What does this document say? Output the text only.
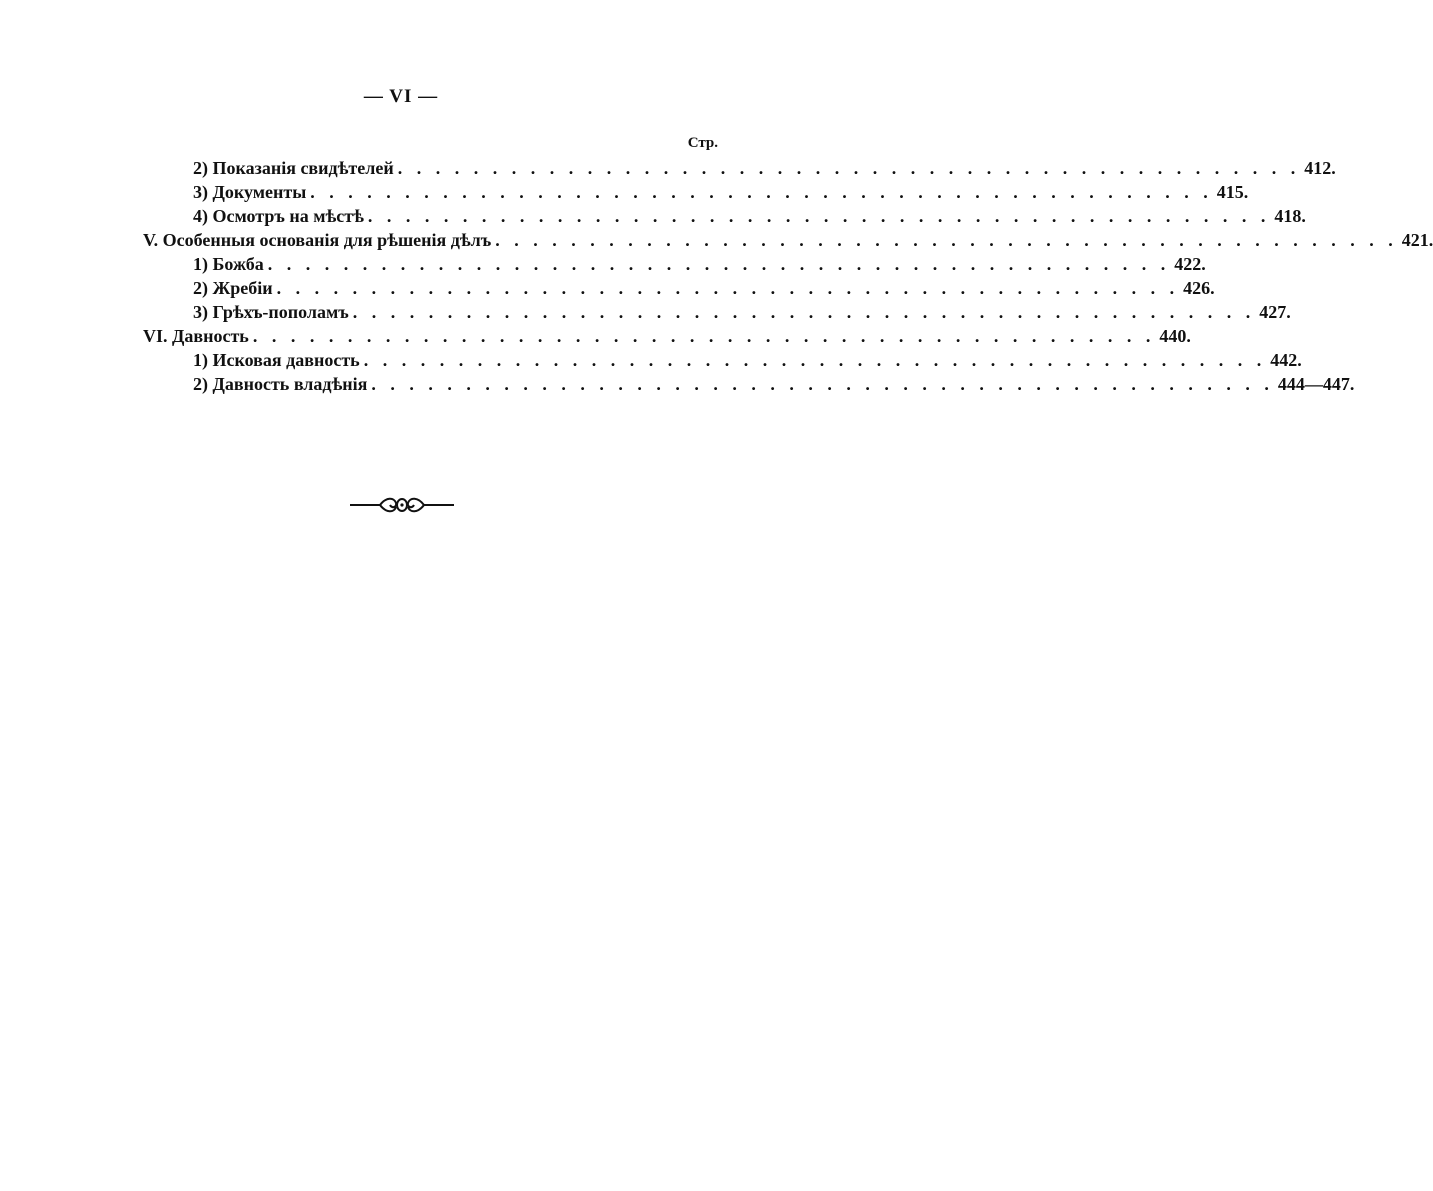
— VI —
Стр.
2) Показанія свидѣтелей . . . . . . . . . . . . . . . . . . . . . . . . . . . . . . . . . . . . . . . . . . . . . . . . 412.
3) Документы . . . . . . . . . . . . . . . . . . . . . . . . . . . . . . . . . . . . . . . . . . . . . . . . 415.
4) Осмотръ на мѣстѣ . . . . . . . . . . . . . . . . . . . . . . . . . . . . . . . . . . . . . . . . . . . . . . . . 418.
V. Особенныя основанія для рѣшенія дѣлъ . . . . . . . . . . . . . . . . . . . . . . . . . . . . . . . . . . . . . . . . . . . . . . . . 421.
1) Божба . . . . . . . . . . . . . . . . . . . . . . . . . . . . . . . . . . . . . . . . . . . . . . . . 422.
2) Жребіи . . . . . . . . . . . . . . . . . . . . . . . . . . . . . . . . . . . . . . . . . . . . . . . . 426.
3) Грѣхъ-пополамъ . . . . . . . . . . . . . . . . . . . . . . . . . . . . . . . . . . . . . . . . . . . . . . . . 427.
VI. Давность . . . . . . . . . . . . . . . . . . . . . . . . . . . . . . . . . . . . . . . . . . . . . . . . 440.
1) Исковая давность . . . . . . . . . . . . . . . . . . . . . . . . . . . . . . . . . . . . . . . . . . . . . . . . 442.
2) Давность владѣнія . . . . . . . . . . . . . . . . . . . . . . . . . . . . . . . . . . . . . . . . . . . . . . . . 444—447.
